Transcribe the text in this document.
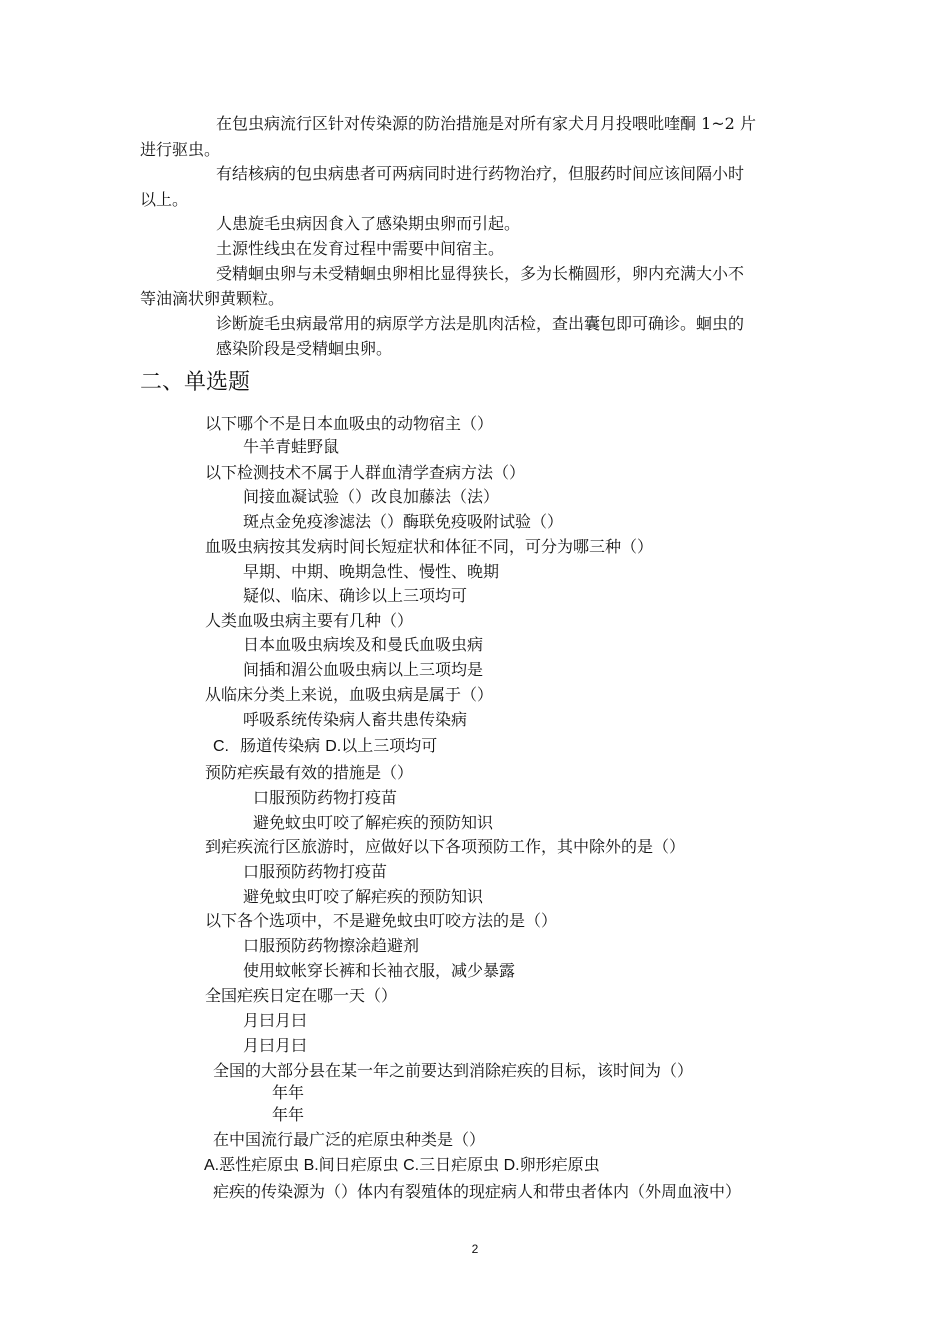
在包虫病流行区针对传染源的防治措施是对所有家犬月月投喂吡喹酮 1~2 片
进行驱虫。
有结核病的包虫病患者可两病同时进行药物治疗，但服药时间应该间隔小时
以上。
人患旋毛虫病因食入了感染期虫卵而引起。
土源性线虫在发育过程中需要中间宿主。
受精蛔虫卵与未受精蛔虫卵相比显得狭长，多为长椭圆形，卵内充满大小不
等油滴状卵黄颗粒。
诊断旋毛虫病最常用的病原学方法是肌肉活检，查出囊包即可确诊。蛔虫的
感染阶段是受精蛔虫卵。
二、单选题
以下哪个不是日本血吸虫的动物宿主（）
牛羊青蛙野鼠
以下检测技术不属于人群血清学查病方法（）
间接血凝试验（）改良加藤法（法）
斑点金免疫渗滤法（）酶联免疫吸附试验（）
血吸虫病按其发病时间长短症状和体征不同，可分为哪三种（）
早期、中期、晚期急性、慢性、晚期
疑似、临床、确诊以上三项均可
人类血吸虫病主要有几种（）
日本血吸虫病埃及和曼氏血吸虫病
间插和湄公血吸虫病以上三项均是
从临床分类上来说，血吸虫病是属于（）
呼吸系统传染病人畜共患传染病
C. 肠道传染病 D.以上三项均可
预防疟疾最有效的措施是（）
口服预防药物打疫苗
避免蚊虫叮咬了解疟疾的预防知识
到疟疾流行区旅游时，应做好以下各项预防工作，其中除外的是（）
口服预防药物打疫苗
避免蚊虫叮咬了解疟疾的预防知识
以下各个选项中，不是避免蚊虫叮咬方法的是（）
口服预防药物擦涂趋避剂
使用蚊帐穿长裤和长袖衣服，减少暴露
全国疟疾日定在哪一天（）
月曰月曰
月曰月曰
全国的大部分县在某一年之前要达到消除疟疾的目标，该时间为（）
年年
年年
在中国流行最广泛的疟原虫种类是（）
A.恶性疟原虫 B.间日疟原虫 C.三日疟原虫 D.卵形疟原虫
疟疾的传染源为（）体内有裂殖体的现症病人和带虫者体内（外周血液中）
2
